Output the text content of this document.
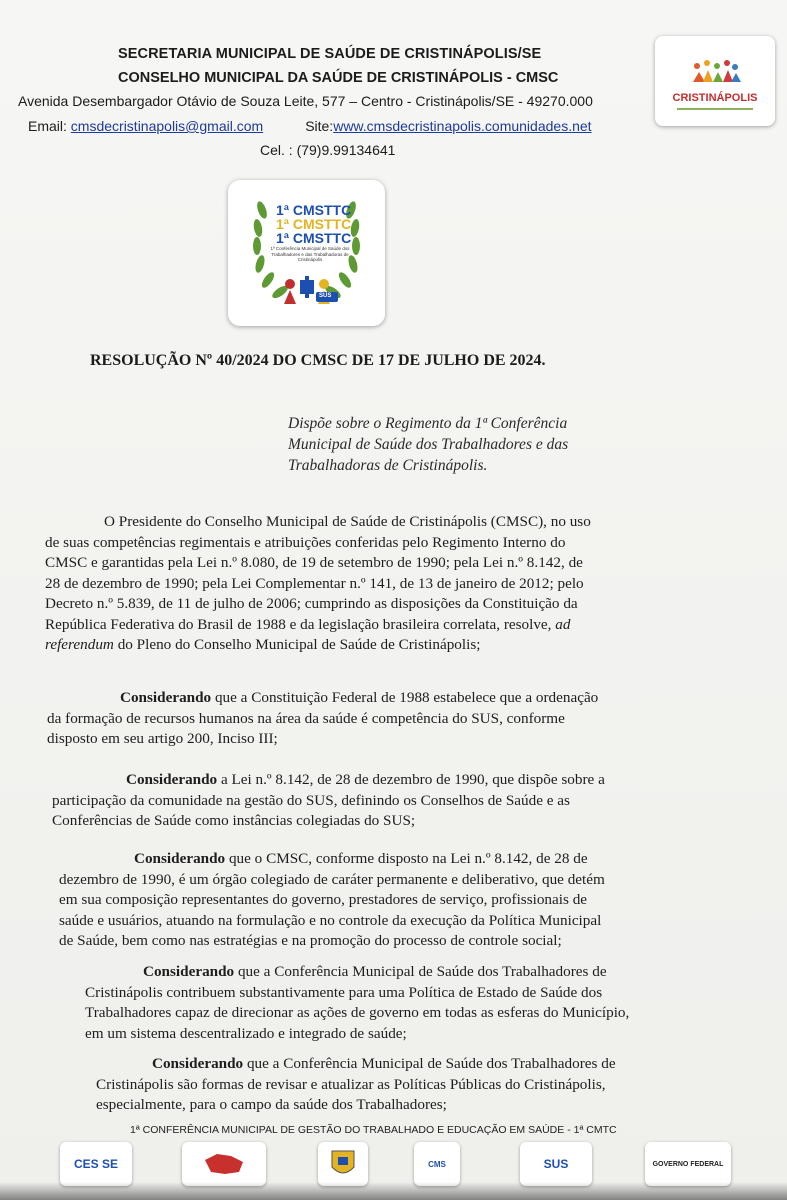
SECRETARIA MUNICIPAL DE SAÚDE DE CRISTINÁPOLIS/SE
CONSELHO MUNICIPAL DA SAÚDE DE CRISTINÁPOLIS - CMSC
Avenida Desembargador Otávio de Souza Leite, 577 – Centro - Cristinápolis/SE - 49270.000
Email: cmsdecristinapolis@gmail.com	Site:www.cmsdecristinapolis.comunidades.net
Cel. : (79)9.99134641
CRISTINÁPOLIS
1ª CMSTTC
1ª CMSTTC
1ª CMSTTC
1ª Conferência Municipal de Saúde dos Trabalhadores e das Trabalhadoras de Cristinápolis
SUS
RESOLUÇÃO Nº 40/2024 DO CMSC DE 17 DE JULHO DE 2024.
Dispõe sobre o Regimento da 1ª Conferência
Municipal de Saúde dos Trabalhadores e das
Trabalhadoras de Cristinápolis.
O Presidente do Conselho Municipal de Saúde de Cristinápolis (CMSC), no uso
de suas competências regimentais e atribuições conferidas pelo Regimento Interno do
CMSC e garantidas pela Lei n.º 8.080, de 19 de setembro de 1990; pela Lei n.º 8.142, de
28 de dezembro de 1990; pela Lei Complementar n.º 141, de 13 de janeiro de 2012; pelo
Decreto n.º 5.839, de 11 de julho de 2006; cumprindo as disposições da Constituição da
República Federativa do Brasil de 1988 e da legislação brasileira correlata, resolve, ad
referendum do Pleno do Conselho Municipal de Saúde de Cristinápolis;
Considerando que a Constituição Federal de 1988 estabelece que a ordenação
da formação de recursos humanos na área da saúde é competência do SUS, conforme
disposto em seu artigo 200, Inciso III;
Considerando a Lei n.º 8.142, de 28 de dezembro de 1990, que dispõe sobre a
participação da comunidade na gestão do SUS, definindo os Conselhos de Saúde e as
Conferências de Saúde como instâncias colegiadas do SUS;
Considerando que o CMSC, conforme disposto na Lei n.º 8.142, de 28 de
dezembro de 1990, é um órgão colegiado de caráter permanente e deliberativo, que detém
em sua composição representantes do governo, prestadores de serviço, profissionais de
saúde e usuários, atuando na formulação e no controle da execução da Política Municipal
de Saúde, bem como nas estratégias e na promoção do processo de controle social;
Considerando que a Conferência Municipal de Saúde dos Trabalhadores de
Cristinápolis contribuem substantivamente para uma Política de Estado de Saúde dos
Trabalhadores capaz de direcionar as ações de governo em todas as esferas do Município,
em um sistema descentralizado e integrado de saúde;
Considerando que a Conferência Municipal de Saúde dos Trabalhadores de
Cristinápolis são formas de revisar e atualizar as Políticas Públicas do Cristinápolis,
especialmente, para o campo da saúde dos Trabalhadores;
1ª CONFERÊNCIA MUNICIPAL DE GESTÃO DO TRABALHADO E EDUCAÇÃO EM SAÚDE - 1ª CMTC
CES SE	CMS	SUS	GOVERNO FEDERAL
